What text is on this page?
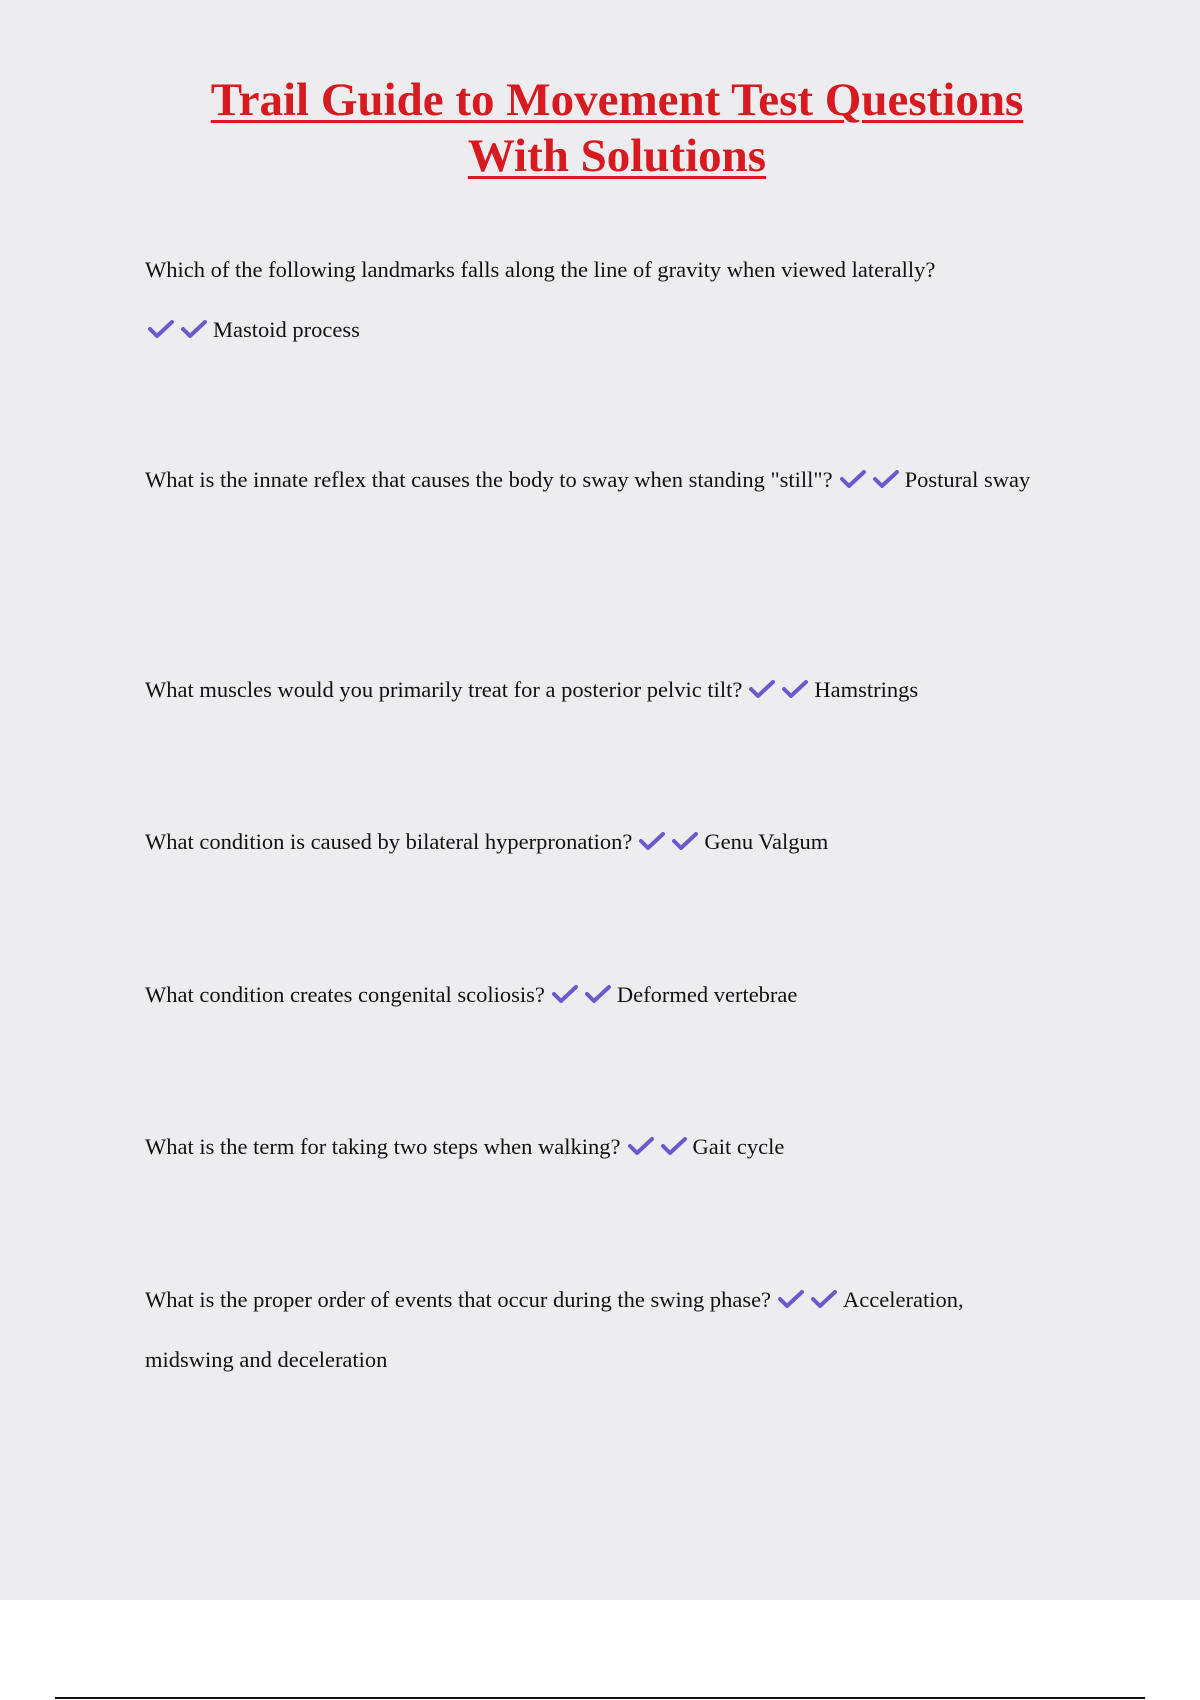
Trail Guide to Movement Test Questions
With Solutions

Which of the following landmarks falls along the line of gravity when viewed laterally?

Mastoid process

What is the innate reflex that causes the body to sway when standing "still"?	Postural sway

What muscles would you primarily treat for a posterior pelvic tilt?	Hamstrings

What condition is caused by bilateral hyperpronation?	Genu Valgum

What condition creates congenital scoliosis?	Deformed vertebrae

What is the term for taking two steps when walking?	Gait cycle

What is the proper order of events that occur during the swing phase?	Acceleration, midswing and deceleration
